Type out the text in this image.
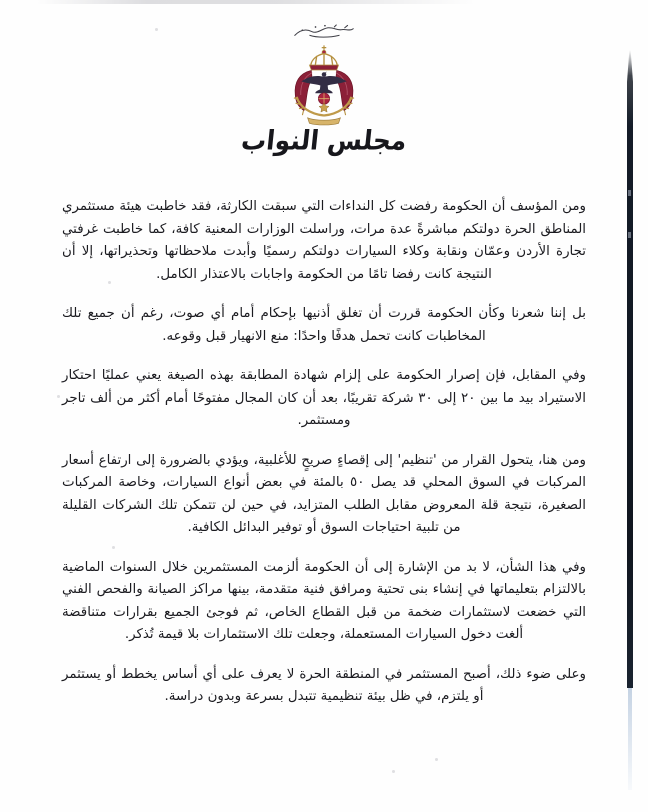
مجلس النواب

ومن المؤسف أن الحكومة رفضت كل النداءات التي سبقت الكارثة، فقد خاطبت هيئة مستثمري المناطق الحرة دولتكم مباشرةً عدة مرات، وراسلت الوزارات المعنية كافة، كما خاطبت غرفتي تجارة الأردن وعمّان ونقابة وكلاء السيارات دولتكم رسميًا وأبدت ملاحظاتها وتحذيراتها، إلا أن النتيجة كانت رفضا تامًا من الحكومة واجابات بالاعتذار الكامل.

بل إننا شعرنا وكأن الحكومة قررت أن تغلق أذنيها بإحكام أمام أي صوت، رغم أن جميع تلك المخاطبات كانت تحمل هدفًا واحدًا: منع الانهيار قبل وقوعه.

وفي المقابل، فإن إصرار الحكومة على إلزام شهادة المطابقة بهذه الصيغة يعني عمليًا احتكار الاستيراد بيد ما بين ٢٠ إلى ٣٠ شركة تقريبًا، بعد أن كان المجال مفتوحًا أمام أكثر من ألف تاجر ومستثمر.

ومن هنا، يتحول القرار من 'تنظيم' إلى إقصاءٍ صريحٍ للأغلبية، ويؤدي بالضرورة إلى ارتفاع أسعار المركبات في السوق المحلي قد يصل ٥٠ بالمئة في بعض أنواع السيارات، وخاصة المركبات الصغيرة، نتيجة قلة المعروض مقابل الطلب المتزايد، في حين لن تتمكن تلك الشركات القليلة من تلبية احتياجات السوق أو توفير البدائل الكافية.

وفي هذا الشأن، لا بد من الإشارة إلى أن الحكومة ألزمت المستثمرين خلال السنوات الماضية بالالتزام بتعليماتها في إنشاء بنى تحتية ومرافق فنية متقدمة، بينها مراكز الصيانة والفحص الفني التي خضعت لاستثمارات ضخمة من قبل القطاع الخاص، ثم فوجئ الجميع بقرارات متناقضة ألغت دخول السيارات المستعملة، وجعلت تلك الاستثمارات بلا قيمة تُذكر.

وعلى ضوء ذلك، أصبح المستثمر في المنطقة الحرة لا يعرف على أي أساس يخطط أو يستثمر أو يلتزم، في ظل بيئة تنظيمية تتبدل بسرعة وبدون دراسة.
